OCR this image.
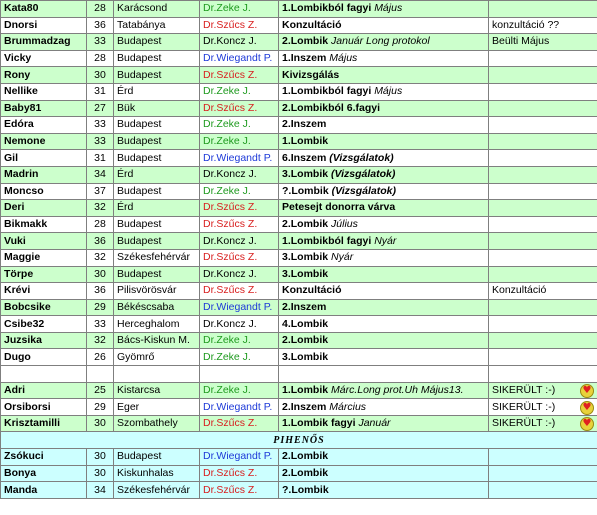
Kata80	28	Karácsond	Dr.Zeke J.	1.Lombikból fagyi Május	
Dnorsi	36	Tatabánya	Dr.Szűcs Z.	Konzultáció	konzultáció ??
Brummadzag	33	Budapest	Dr.Koncz J.	2.Lombik Január Long protokol	Beülti Május
Vicky	28	Budapest	Dr.Wiegandt P.	1.Inszem Május	
Rony	30	Budapest	Dr.Szűcs Z.	Kivizsgálás	
Nellike	31	Érd	Dr.Zeke J.	1.Lombikból fagyi Május	
Baby81	27	Bük	Dr.Szűcs Z.	2.Lombikból 6.fagyi	
Edóra	33	Budapest	Dr.Zeke J.	2.Inszem	
Nemone	33	Budapest	Dr.Zeke J.	1.Lombik	
Gil	31	Budapest	Dr.Wiegandt P.	6.Inszem (Vizsgálatok)	
Madrin	34	Érd	Dr.Koncz J.	3.Lombik (Vizsgálatok)	
Moncso	37	Budapest	Dr.Zeke J.	?.Lombik (Vizsgálatok)	
Deri	32	Érd	Dr.Szűcs Z.	Petesejt donorra várva	
Bikmakk	28	Budapest	Dr.Szűcs Z.	2.Lombik Július	
Vuki	36	Budapest	Dr.Koncz J.	1.Lombikból fagyi Nyár	
Maggie	32	Székesfehérvár	Dr.Szűcs Z.	3.Lombik Nyár	
Törpe	30	Budapest	Dr.Koncz J.	3.Lombik	
Krévi	36	Pilisvörösvár	Dr.Szűcs Z.	Konzultáció	Konzultáció
Bobcsike	29	Békéscsaba	Dr.Wiegandt P.	2.Inszem	
Csibe32	33	Herceghalom	Dr.Koncz J.	4.Lombik	
Juzsika	32	Bács-Kiskun M.	Dr.Zeke J.	2.Lombik	
Dugo	26	Gyömrő	Dr.Zeke J.	3.Lombik	

Adri	25	Kistarcsa	Dr.Zeke J.	1.Lombik Márc.Long prot.Uh Május13.	SIKERÜLT :-)
♥

Orsiborsi	29	Eger	Dr.Wiegandt P.	2.Inszem Március	SIKERÜLT :-)
♥

Krisztamilli	30	Szombathely	Dr.Szűcs Z.	1.Lombik fagyi Január	SIKERÜLT :-)
♥

PIHENŐS					
Zsókuci	30	Budapest	Dr.Wiegandt P.	2.Lombik	
Bonya	30	Kiskunhalas	Dr.Szűcs Z.	2.Lombik	
Manda	34	Székesfehérvár	Dr.Szűcs Z.	?.Lombik	
